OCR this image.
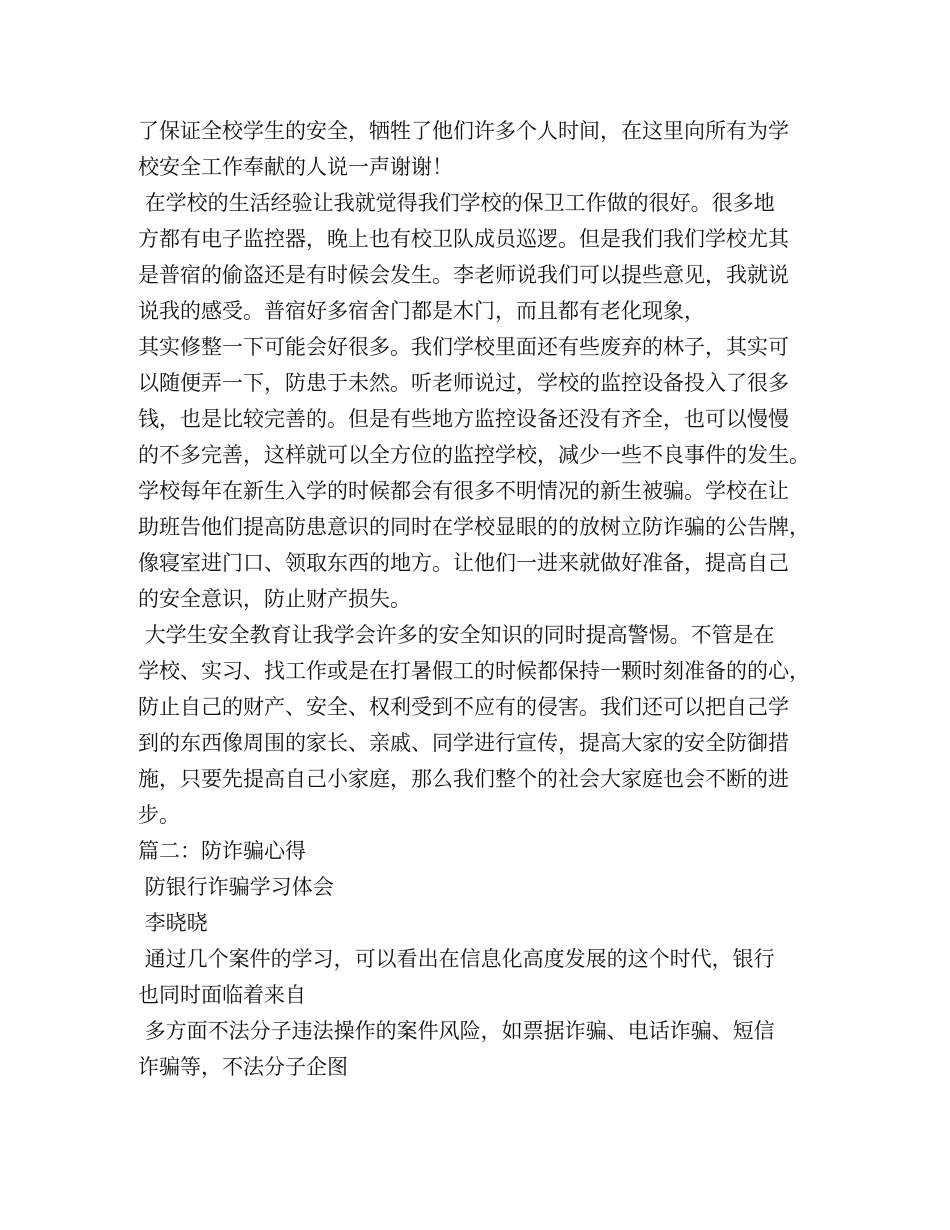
了保证全校学生的安全，牺牲了他们许多个人时间，在这里向所有为学

校安全工作奉献的人说一声谢谢！

在学校的生活经验让我就觉得我们学校的保卫工作做的很好。很多地

方都有电子监控器，晚上也有校卫队成员巡逻。但是我们我们学校尤其

是普宿的偷盗还是有时候会发生。李老师说我们可以提些意见，我就说

说我的感受。普宿好多宿舍门都是木门，而且都有老化现象，

其实修整一下可能会好很多。我们学校里面还有些废弃的林子，其实可

以随便弄一下，防患于未然。听老师说过，学校的监控设备投入了很多

钱，也是比较完善的。但是有些地方监控设备还没有齐全，也可以慢慢

的不多完善，这样就可以全方位的监控学校，减少一些不良事件的发生。

学校每年在新生入学的时候都会有很多不明情况的新生被骗。学校在让

助班告他们提高防患意识的同时在学校显眼的的放树立防诈骗的公告牌，

像寝室进门口、领取东西的地方。让他们一进来就做好准备，提高自己

的安全意识，防止财产损失。

大学生安全教育让我学会许多的安全知识的同时提高警惕。不管是在

学校、实习、找工作或是在打暑假工的时候都保持一颗时刻准备的的心，

防止自己的财产、安全、权利受到不应有的侵害。我们还可以把自己学

到的东西像周围的家长、亲戚、同学进行宣传，提高大家的安全防御措

施，只要先提高自己小家庭，那么我们整个的社会大家庭也会不断的进

步。

篇二：防诈骗心得

防银行诈骗学习体会

李晓晓

通过几个案件的学习，可以看出在信息化高度发展的这个时代，银行

也同时面临着来自

多方面不法分子违法操作的案件风险，如票据诈骗、电话诈骗、短信

诈骗等，不法分子企图
